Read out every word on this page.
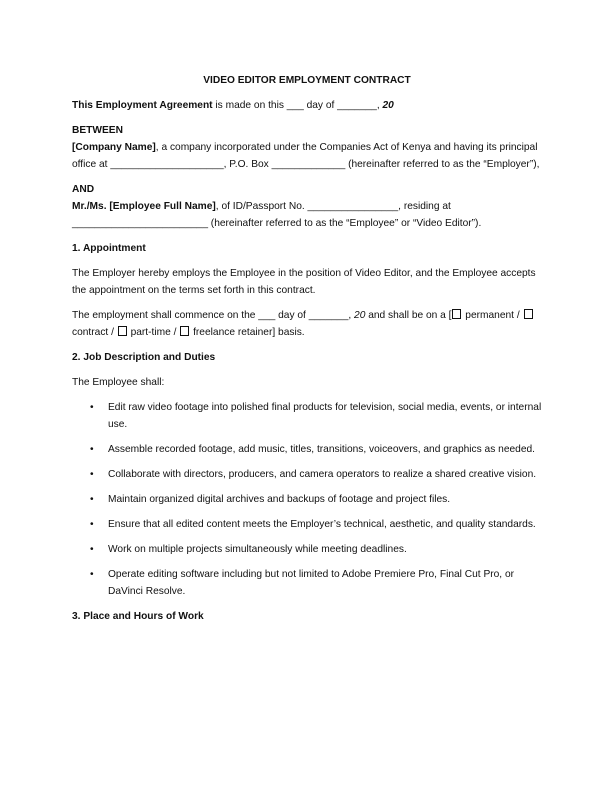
VIDEO EDITOR EMPLOYMENT CONTRACT

This Employment Agreement is made on this ___ day of _______, 20

BETWEEN

[Company Name], a company incorporated under the Companies Act of Kenya and having its principal office at ____________________, P.O. Box _____________ (hereinafter referred to as the “Employer”),

AND

Mr./Ms. [Employee Full Name], of ID/Passport No. ________________, residing at ________________________ (hereinafter referred to as the “Employee” or “Video Editor”).

1. Appointment

The Employer hereby employs the Employee in the position of Video Editor, and the Employee accepts the appointment on the terms set forth in this contract.

The employment shall commence on the ___ day of _______, 20 and shall be on a [ permanent /  contract /  part-time /  freelance retainer] basis.

2. Job Description and Duties

The Employee shall:

• Edit raw video footage into polished final products for television, social media, events, or internal use.
• Assemble recorded footage, add music, titles, transitions, voiceovers, and graphics as needed.
• Collaborate with directors, producers, and camera operators to realize a shared creative vision.
• Maintain organized digital archives and backups of footage and project files.
• Ensure that all edited content meets the Employer’s technical, aesthetic, and quality standards.
• Work on multiple projects simultaneously while meeting deadlines.
• Operate editing software including but not limited to Adobe Premiere Pro, Final Cut Pro, or DaVinci Resolve.

3. Place and Hours of Work
